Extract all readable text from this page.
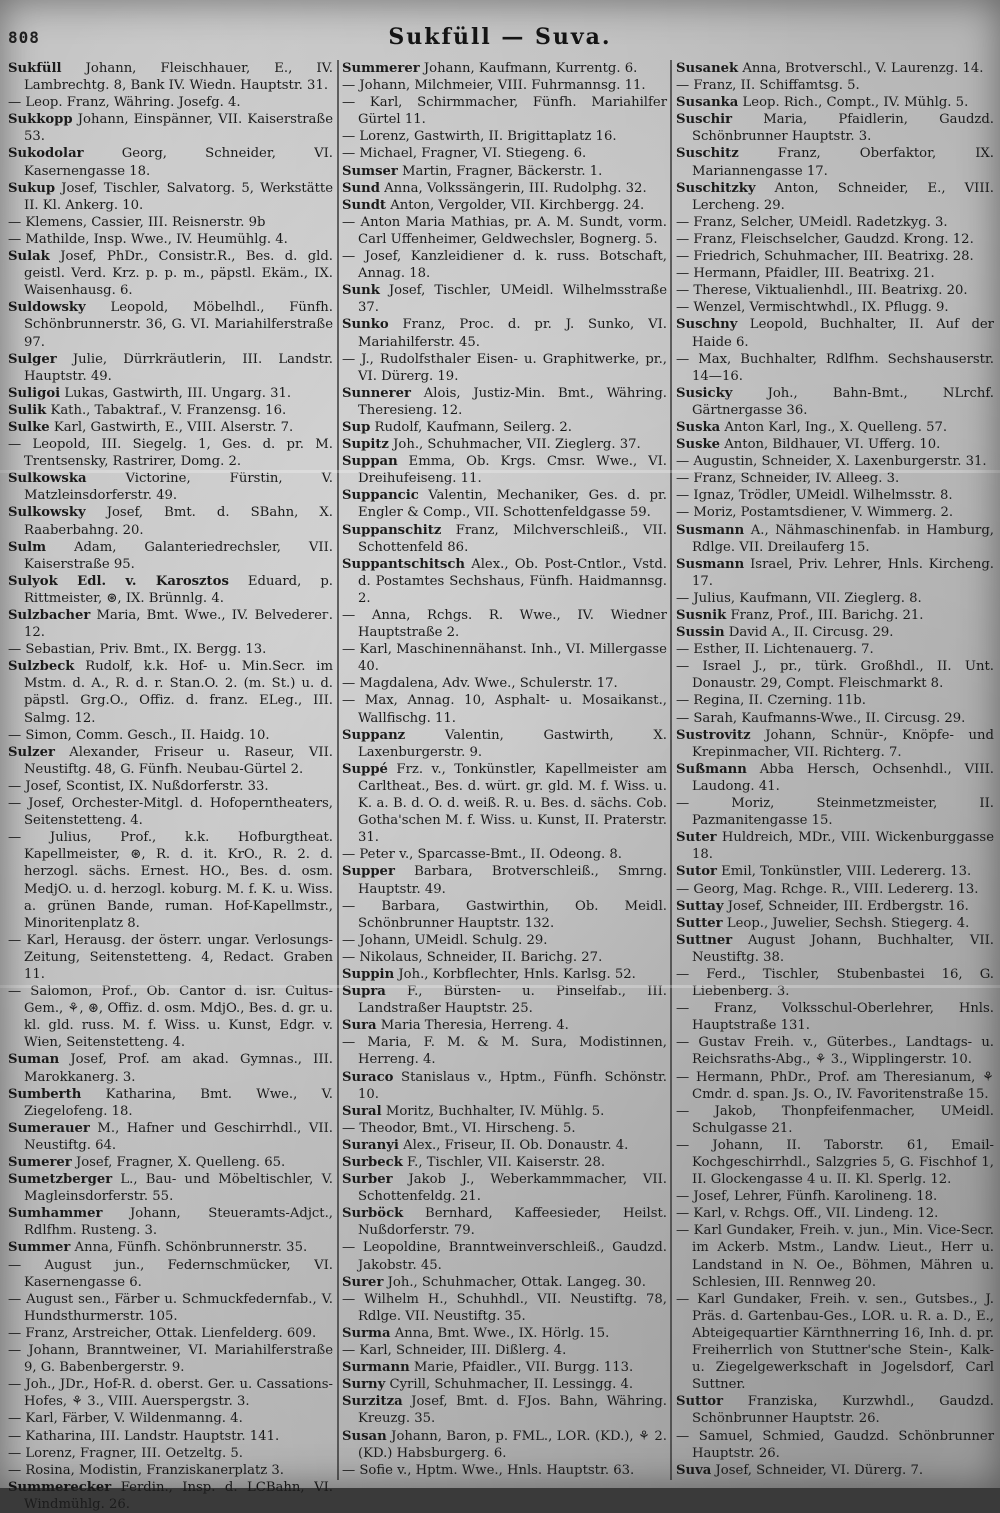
808	Sukfüll — Suva.
Sukfüll Johann, Fleischhauer, E., IV. Lambrechtg. 8, Bank IV. Wiedn. Hauptstr. 31.
— Leop. Franz, Währing. Josefg. 4.
Sukkopp Johann, Einspänner, VII. Kaiserstraße 53.
Sukodolar Georg, Schneider, VI. Kasernengasse 18.
Sukup Josef, Tischler, Salvatorg. 5, Werkstätte II. Kl. Ankerg. 10.
— Klemens, Cassier, III. Reisnerstr. 9b
— Mathilde, Insp. Wwe., IV. Heumühlg. 4.
Sulak Josef, PhDr., Consistr.R., Bes. d. gld. geistl. Verd. Krz. p. p. m., päpstl. Ekäm., IX. Waisenhausg. 6.
Suldowsky Leopold, Möbelhdl., Fünfh. Schönbrunnerstr. 36, G. VI. Mariahilferstraße 97.
Sulger Julie, Dürrkräutlerin, III. Landstr. Hauptstr. 49.
Suligoi Lukas, Gastwirth, III. Ungarg. 31.
Sulik Kath., Tabaktraf., V. Franzensg. 16.
Sulke Karl, Gastwirth, E., VIII. Alserstr. 7.
— Leopold, III. Siegelg. 1, Ges. d. pr. M. Trentsensky, Rastrirer, Domg. 2.
Sulkowska Victorine, Fürstin, V. Matzleinsdorferstr. 49.
Sulkowsky Josef, Bmt. d. SBahn, X. Raaberbahng. 20.
Sulm Adam, Galanteriedrechsler, VII. Kaiserstraße 95.
Sulyok Edl. v. Karosztos Eduard, p. Rittmeister, ⊛, IX. Brünnlg. 4.
Sulzbacher Maria, Bmt. Wwe., IV. Belvederег. 12.
— Sebastian, Priv. Bmt., IX. Bergg. 13.
Sulzbeck Rudolf, k.k. Hof- u. Min.Secr. im Mstm. d. A., R. d. r. Stan.O. 2. (m. St.) u. d. päpstl. Grg.O., Offiz. d. franz. ELeg., III. Salmg. 12.
— Simon, Comm. Gesch., II. Haidg. 10.
Sulzer Alexander, Friseur u. Raseur, VII. Neustiftg. 48, G. Fünfh. Neubau-Gürtel 2.
— Josef, Scontist, IX. Nußdorferstr. 33.
— Josef, Orchester-Mitgl. d. Hofoperntheaters, Seitenstetteng. 4.
— Julius, Prof., k.k. Hofburgtheat. Kapellmeister, ⊛, R. d. it. KrO., R. 2. d. herzogl. sächs. Ernest. HO., Bes. d. osm. MedjO. u. d. herzogl. koburg. M. f. K. u. Wiss. a. grünen Bande, ruman. Hof-Kapellmstr., Minoritenplatz 8.
— Karl, Herausg. der österr. ungar. Verlosungs-Zeitung, Seitenstetteng. 4, Redact. Graben 11.
— Salomon, Prof., Ob. Cantor d. isr. Cultus-Gem., ⚘, ⊛, Offiz. d. osm. MdjO., Bes. d. gr. u. kl. gld. russ. M. f. Wiss. u. Kunst, Edgr. v. Wien, Seitenstetteng. 4.
Suman Josef, Prof. am akad. Gymnas., III. Marokkanerg. 3.
Sumberth Katharina, Bmt. Wwe., V. Ziegelofeng. 18.
Sumerauer M., Hafner und Geschirrhdl., VII. Neustiftg. 64.
Sumerer Josef, Fragner, X. Quelleng. 65.
Sumetzberger L., Bau- und Möbeltischler, V. Magleinsdorferstr. 55.
Sumhammer Johann, Steueramts-Adjct., Rdlfhm. Rusteng. 3.
Summer Anna, Fünfh. Schönbrunnerstr. 35.
— August jun., Federnschmücker, VI. Kasernengasse 6.
— August sen., Färber u. Schmuckfedernfab., V. Hundsthurmerstr. 105.
— Franz, Arstreicher, Ottak. Lienfelderg. 609.
— Johann, Branntweiner, VI. Mariahilferstraße 9, G. Babenbergerstr. 9.
— Joh., JDr., Hof-R. d. oberst. Ger. u. Cassations-Hofes, ⚘ 3., VIII. Auerspergstr. 3.
— Karl, Färber, V. Wildenmanng. 4.
— Katharina, III. Landstr. Hauptstr. 141.
— Lorenz, Fragner, III. Oetzeltg. 5.
— Rosina, Modistin, Franziskanerplatz 3.
Summerecker Ferdin., Insp. d. LCBahn, VI. Windmühlg. 26.
Summerer Johann, Kaufmann, Kurrentg. 6.
— Johann, Milchmeier, VIII. Fuhrmannsg. 11.
— Karl, Schirmmacher, Fünfh. Mariahilfer Gürtel 11.
— Lorenz, Gastwirth, II. Brigittaplatz 16.
— Michael, Fragner, VI. Stiegeng. 6.
Sumser Martin, Fragner, Bäckerstr. 1.
Sund Anna, Volkssängerin, III. Rudolphg. 32.
Sundt Anton, Vergolder, VII. Kirchbergg. 24.
— Anton Maria Mathias, pr. A. M. Sundt, vorm. Carl Uffenheimer, Geldwechsler, Bognerg. 5.
— Josef, Kanzleidiener d. k. russ. Botschaft, Annag. 18.
Sunk Josef, Tischler, UMeidl. Wilhelmsstraße 37.
Sunko Franz, Proc. d. pr. J. Sunko, VI. Mariahilferstr. 45.
— J., Rudolfsthaler Eisen- u. Graphitwerke, pr., VI. Dürerg. 19.
Sunnerer Alois, Justiz-Min. Bmt., Währing. Theresieng. 12.
Sup Rudolf, Kaufmann, Seilerg. 2.
Supitz Joh., Schuhmacher, VII. Zieglerg. 37.
Suppan Emma, Ob. Krgs. Cmsr. Wwe., VI. Dreihufeiseng. 11.
Suppancic Valentin, Mechaniker, Ges. d. pr. Engler & Comp., VII. Schottenfeldgasse 59.
Suppanschitz Franz, Milchverschleiß., VII. Schottenfeld 86.
Suppantschitsch Alex., Ob. Post-Cntlor., Vstd. d. Postamtes Sechshaus, Fünfh. Haidmannsg. 2.
— Anna, Rchgs. R. Wwe., IV. Wiedner Hauptstraße 2.
— Karl, Maschinennähanst. Inh., VI. Millergasse 40.
— Magdalena, Adv. Wwe., Schulerstr. 17.
— Max, Annag. 10, Asphalt- u. Mosaikanst., Wallfischg. 11.
Suppanz Valentin, Gastwirth, X. Laxenburgerstr. 9.
Suppé Frz. v., Tonkünstler, Kapellmeister am Carltheat., Bes. d. würt. gr. gld. M. f. Wiss. u. K. a. B. d. O. d. weiß. R. u. Bes. d. sächs. Cob. Gotha'schen M. f. Wiss. u. Kunst, II. Praterstr. 31.
— Peter v., Sparcasse-Bmt., II. Odeong. 8.
Supper Barbara, Brotverschleiß., Smrng. Hauptstr. 49.
— Barbara, Gastwirthin, Ob. Meidl. Schönbrunner Hauptstr. 132.
— Johann, UMeidl. Schulg. 29.
— Nikolaus, Schneider, II. Barichg. 27.
Suppin Joh., Korbflechter, Hnls. Karlsg. 52.
Supra F., Bürsten- u. Pinselfab., III. Landstraßer Hauptstr. 25.
Sura Maria Theresia, Herreng. 4.
— Maria, F. M. & M. Sura, Modistinnen, Herreng. 4.
Suraco Stanislaus v., Hptm., Fünfh. Schönstr. 10.
Sural Moritz, Buchhalter, IV. Mühlg. 5.
— Theodor, Bmt., VI. Hirscheng. 5.
Suranyi Alex., Friseur, II. Ob. Donaustr. 4.
Surbeck F., Tischler, VII. Kaiserstr. 28.
Surber Jakob J., Weberkammmacher, VII. Schottenfeldg. 21.
Surböck Bernhard, Kaffeesieder, Heilst. Nußdorferstr. 79.
— Leopoldine, Branntweinverschleiß., Gaudzd. Jakobstr. 45.
Surer Joh., Schuhmacher, Ottak. Langeg. 30.
— Wilhelm H., Schuhhdl., VII. Neustiftg. 78, Rdlge. VII. Neustiftg. 35.
Surma Anna, Bmt. Wwe., IX. Hörlg. 15.
— Karl, Schneider, III. Dißlerg. 4.
Surmann Marie, Pfaidler., VII. Burgg. 113.
Surny Cyrill, Schuhmacher, II. Lessingg. 4.
Surzitza Josef, Bmt. d. FJos. Bahn, Währing. Kreuzg. 35.
Susan Johann, Baron, p. FML., LOR. (KD.), ⚘ 2. (KD.) Habsburgerg. 6.
— Sofie v., Hptm. Wwe., Hnls. Hauptstr. 63.
Susanek Anna, Brotverschl., V. Laurenzg. 14.
— Franz, II. Schiffamtsg. 5.
Susanka Leop. Rich., Compt., IV. Mühlg. 5.
Suschir Maria, Pfaidlerin, Gaudzd. Schönbrunner Hauptstr. 3.
Suschitz Franz, Oberfaktor, IX. Mariannengasse 17.
Suschitzky Anton, Schneider, E., VIII. Lercheng. 29.
— Franz, Selcher, UMeidl. Radetzkyg. 3.
— Franz, Fleischselcher, Gaudzd. Krong. 12.
— Friedrich, Schuhmacher, III. Beatrixg. 28.
— Hermann, Pfaidler, III. Beatrixg. 21.
— Therese, Viktualienhdl., III. Beatrixg. 20.
— Wenzel, Vermischtwhdl., IX. Pflugg. 9.
Suschny Leopold, Buchhalter, II. Auf der Haide 6.
— Max, Buchhalter, Rdlfhm. Sechshauserstr. 14—16.
Susicky Joh., Bahn-Bmt., NLrchf. Gärtnergasse 36.
Suska Anton Karl, Ing., X. Quelleng. 57.
Suske Anton, Bildhauer, VI. Ufferg. 10.
— Augustin, Schneider, X. Laxenburgerstr. 31.
— Franz, Schneider, IV. Alleeg. 3.
— Ignaz, Trödler, UMeidl. Wilhelmsstr. 8.
— Moriz, Postamtsdiener, V. Wimmerg. 2.
Susmann A., Nähmaschinenfab. in Hamburg, Rdlge. VII. Dreilauferg 15.
Susmann Israel, Priv. Lehrer, Hnls. Kircheng. 17.
— Julius, Kaufmann, VII. Zieglerg. 8.
Susnik Franz, Prof., III. Barichg. 21.
Sussin David A., II. Circusg. 29.
— Esther, II. Lichtenauerg. 7.
— Israel J., pr., türk. Großhdl., II. Unt. Donaustr. 29, Compt. Fleischmarkt 8.
— Regina, II. Czerning. 11b.
— Sarah, Kaufmanns-Wwe., II. Circusg. 29.
Sustrovitz Johann, Schnür-, Knöpfe- und Krepinmacher, VII. Richterg. 7.
Sußmann Abba Hersch, Ochsenhdl., VIII. Laudong. 41.
— Moriz, Steinmetzmeister, II. Pazmanitengasse 15.
Suter Huldreich, MDr., VIII. Wickenburggasse 18.
Sutor Emil, Tonkünstler, VIII. Ledererg. 13.
— Georg, Mag. Rchge. R., VIII. Ledererg. 13.
Suttay Josef, Schneider, III. Erdbergstr. 16.
Sutter Leop., Juwelier, Sechsh. Stiegerg. 4.
Suttner August Johann, Buchhalter, VII. Neustiftg. 38.
— Ferd., Tischler, Stubenbastei 16, G. Liebenberg. 3.
— Franz, Volksschul-Oberlehrer, Hnls. Hauptstraße 131.
— Gustav Freih. v., Güterbes., Landtags- u. Reichsraths-Abg., ⚘ 3., Wipplingerstr. 10.
— Hermann, PhDr., Prof. am Theresianum, ⚘ Cmdr. d. span. Js. O., IV. Favoritenstraße 15.
— Jakob, Thonpfeifenmacher, UMeidl. Schulgasse 21.
— Johann, II. Taborstr. 61, Email-Kochgeschirrhdl., Salzgries 5, G. Fischhof 1, II. Glockengasse 4 u. II. Kl. Sperlg. 12.
— Josef, Lehrer, Fünfh. Karolineng. 18.
— Karl, v. Rchgs. Off., VII. Lindeng. 12.
— Karl Gundaker, Freih. v. jun., Min. Vice-Secr. im Ackerb. Mstm., Landw. Lieut., Herr u. Landstand in N. Oe., Böhmen, Mähren u. Schlesien, III. Rennweg 20.
— Karl Gundaker, Freih. v. sen., Gutsbes., J. Präs. d. Gartenbau-Ges., LOR. u. R. a. D., E., Abteigequartier Kärnthnerring 16, Inh. d. pr. Freiherrlich von Stuttner'sche Stein-, Kalk- u. Ziegelgewerkschaft in Jogelsdorf, Carl Suttner.
Suttor Franziska, Kurzwhdl., Gaudzd. Schönbrunner Hauptstr. 26.
— Samuel, Schmied, Gaudzd. Schönbrunner Hauptstr. 26.
Suva Josef, Schneider, VI. Dürerg. 7.
